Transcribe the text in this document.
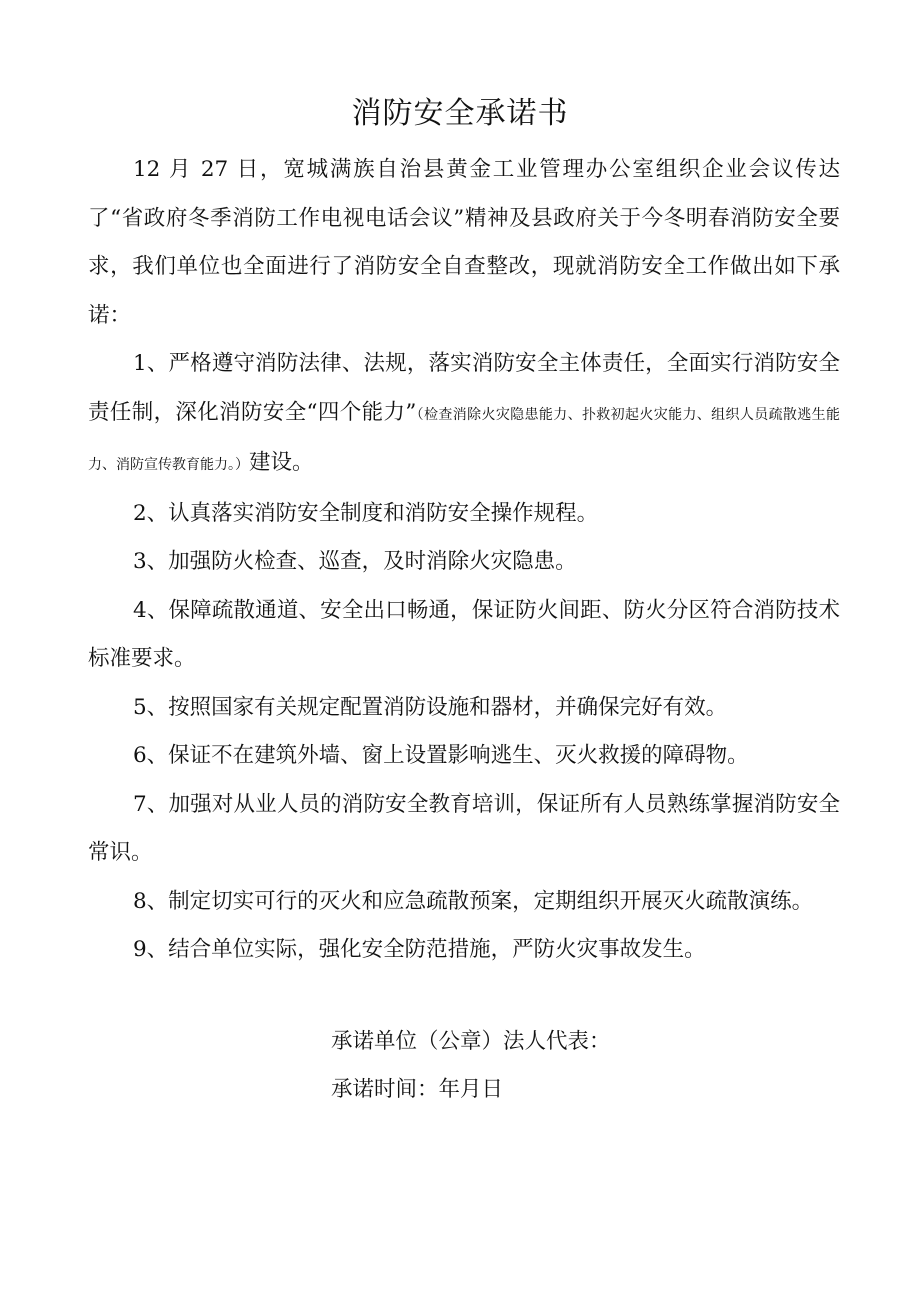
消防安全承诺书

12 月 27 日，宽城满族自治县黄金工业管理办公室组织企业会议传达了“省政府冬季消防工作电视电话会议”精神及县政府关于今冬明春消防安全要求，我们单位也全面进行了消防安全自查整改，现就消防安全工作做出如下承诺：

1、严格遵守消防法律、法规，落实消防安全主体责任，全面实行消防安全责任制，深化消防安全“四个能力”（检查消除火灾隐患能力、扑救初起火灾能力、组织人员疏散逃生能力、消防宣传教育能力。）建设。

2、认真落实消防安全制度和消防安全操作规程。

3、加强防火检查、巡查，及时消除火灾隐患。

4、保障疏散通道、安全出口畅通，保证防火间距、防火分区符合消防技术标准要求。

5、按照国家有关规定配置消防设施和器材，并确保完好有效。

6、保证不在建筑外墙、窗上设置影响逃生、灭火救援的障碍物。

7、加强对从业人员的消防安全教育培训，保证所有人员熟练掌握消防安全常识。

8、制定切实可行的灭火和应急疏散预案，定期组织开展灭火疏散演练。

9、结合单位实际，强化安全防范措施，严防火灾事故发生。

承诺单位（公章）法人代表：
承诺时间：年月日
